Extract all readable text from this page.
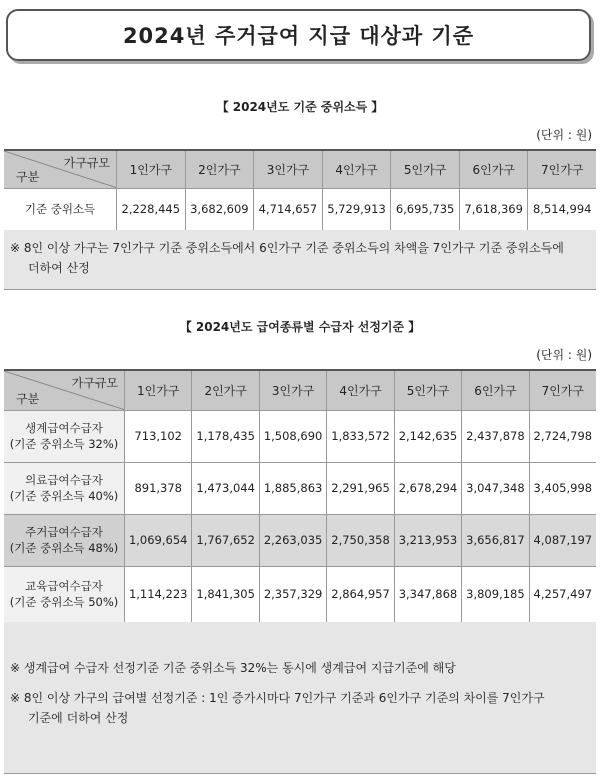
2024년 주거급여 지급 대상과 기준
【 2024년도 기준 중위소득 】
(단위 : 원)
가구규모
구분	1인가구	2인가구	3인가구	4인가구	5인가구	6인가구	7인가구
기준 중위소득	2,228,445	3,682,609	4,714,657	5,729,913	6,695,735	7,618,369	8,514,994
※ 8인 이상 가구는 7인가구 기준 중위소득에서 6인가구 기준 중위소득의 차액을 7인가구 기준 중위소득에
더하여 산정
【 2024년도 급여종류별 수급자 선정기준 】
(단위 : 원)
가구규모
구분	1인가구	2인가구	3인가구	4인가구	5인가구	6인가구	7인가구
생계급여수급자
(기준 중위소득 32%)	713,102	1,178,435	1,508,690	1,833,572	2,142,635	2,437,878	2,724,798
의료급여수급자
(기준 중위소득 40%)	891,378	1,473,044	1,885,863	2,291,965	2,678,294	3,047,348	3,405,998
주거급여수급자
(기준 중위소득 48%)	1,069,654	1,767,652	2,263,035	2,750,358	3,213,953	3,656,817	4,087,197
교육급여수급자
(기준 중위소득 50%)	1,114,223	1,841,305	2,357,329	2,864,957	3,347,868	3,809,185	4,257,497
※ 생계급여 수급자 선정기준 기준 중위소득 32%는 동시에 생계급여 지급기준에 해당
※ 8인 이상 가구의 급여별 선정기준 : 1인 증가시마다 7인가구 기준과 6인가구 기준의 차이를 7인가구
기준에 더하여 산정
